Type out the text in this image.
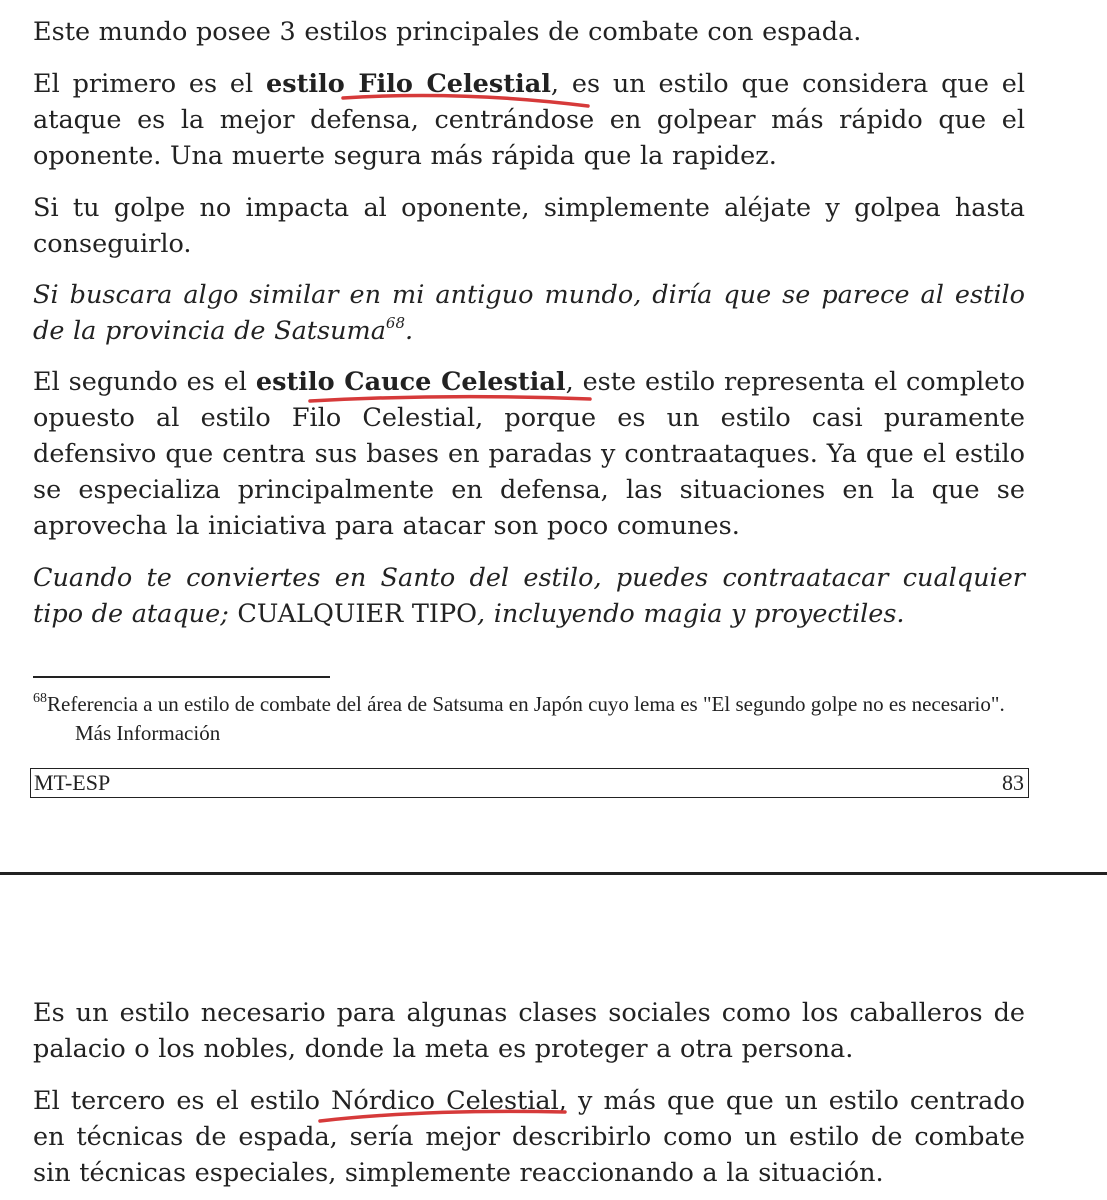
Este mundo posee 3 estilos principales de combate con espada.

El primero es el estilo Filo Celestial, es un estilo que considera que el ataque es la mejor defensa, centrándose en golpear más rápido que el oponente. Una muerte segura más rápida que la rapidez.

Si tu golpe no impacta al oponente, simplemente aléjate y golpea hasta conseguirlo.

Si buscara algo similar en mi antiguo mundo, diría que se parece al estilo de la provincia de Satsuma$^{68}$.

El segundo es el estilo Cauce Celestial, este estilo representa el completo opuesto al estilo Filo Celestial, porque es un estilo casi puramente defensivo que centra sus bases en paradas y contraataques. Ya que el estilo se especializa principalmente en defensa, las situaciones en la que se aprovecha la iniciativa para atacar son poco comunes.

Cuando te conviertes en Santo del estilo, puedes contraatacar cualquier tipo de ataque; CUALQUIER TIPO, incluyendo magia y proyectiles.

$^{68}$Referencia a un estilo de combate del área de Satsuma en Japón cuyo lema es "El segundo golpe no es necesario". Más Información

MT-ESP	83

Es un estilo necesario para algunas clases sociales como los caballeros de palacio o los nobles, donde la meta es proteger a otra persona.

El tercero es el estilo Nórdico Celestial, y más que que un estilo centrado en técnicas de espada, sería mejor describirlo como un estilo de combate sin técnicas especiales, simplemente reaccionando a la situación.
